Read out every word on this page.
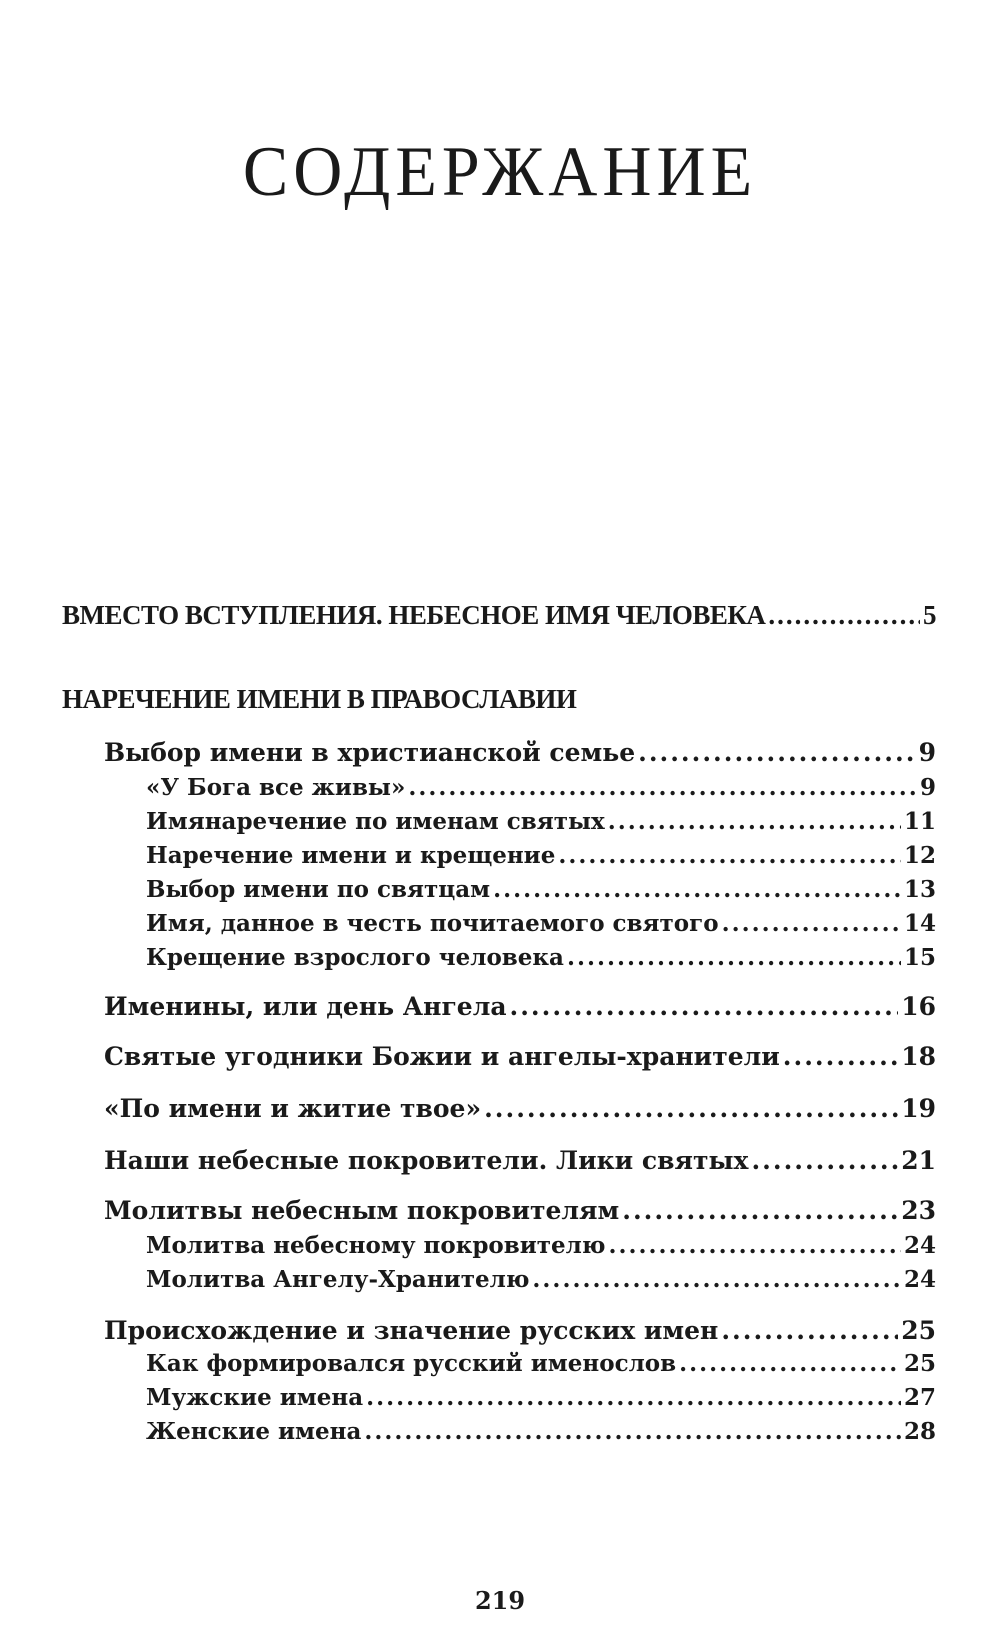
СОДЕРЖАНИЕ
ВМЕСТО ВСТУПЛЕНИЯ. НЕБЕСНОЕ ИМЯ ЧЕЛОВЕКА .....	5
НАРЕЧЕНИЕ ИМЕНИ В ПРАВОСЛАВИИ
Выбор имени в христианской семье .....	9
«У Бога все живы» .....	9
Имянаречение по именам святых .....	11
Наречение имени и крещение .....	12
Выбор имени по святцам .....	13
Имя, данное в честь почитаемого святого .....	14
Крещение взрослого человека .....	15
Именины, или день Ангела .....	16
Святые угодники Божии и ангелы-хранители .....	18
«По имени и житие твое» .....	19
Наши небесные покровители. Лики святых .....	21
Молитвы небесным покровителям .....	23
Молитва небесному покровителю .....	24
Молитва Ангелу-Хранителю .....	24
Происхождение и значение русских имен .....	25
Как формировался русский именослов .....	25
Мужские имена .....	27
Женские имена .....	28
219
